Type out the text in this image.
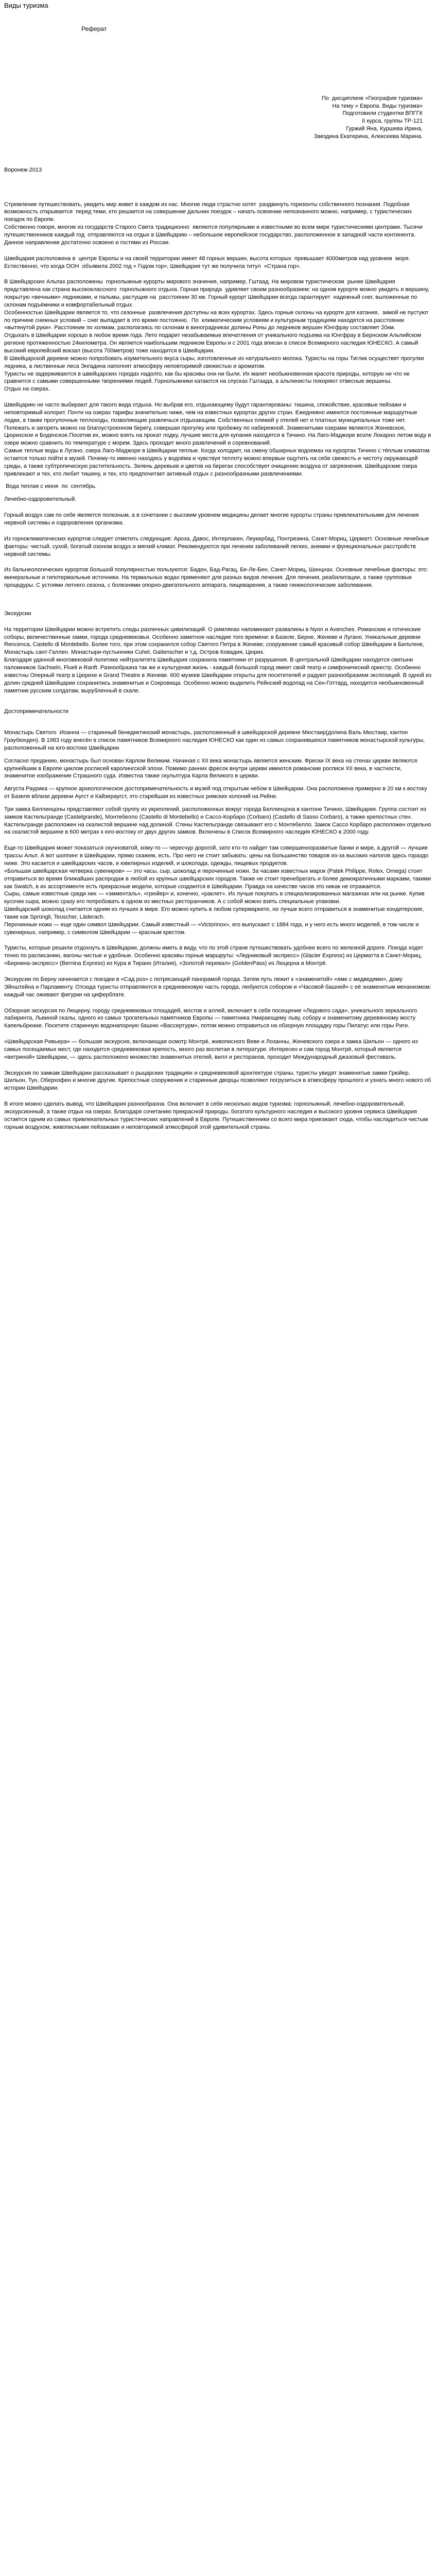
Виды туризма
Реферат
По  дисциплине «География туризма»
На тему « Европа. Виды туризма»
Подготовили студентки ВПГГК
II курса, группы ТР-121
Гуржий Яна, Куршева Ирина,
Звездина Екатерина, Алексеева Марина.
Воронеж-2013

Стремление путешествовать, увидеть мир живет в каждом из нас. Многие люди страстно хотят  раздвинуть горизонты собственного познания. Подобная возможность открывается  перед теми, кто решается на совершение дальних поездок – начать освоение непознанного можно, например, с туристических  поездок по Европе.

Собственно говоря, многие из государств Старого Света традиционно  являются популярными и известными во всем мире туристическими центрами. Тысячи путешественников каждый год  отправляются на отдых в Швейцарию – небольшое европейское государство, расположенное в западной части континента.

Данное направление достаточно освоено и гостями из России.

Швейцария расположена в  центре Европы и на своей территории имеет 48 горных вершин, высота которых  превышает 4000метров над уровнем  моря. Естественно, что когда ООН  объявила 2002 год « Годом гор», Швейцария тут же получила титул  «Страна гор».

В Швейцарских Альпах расположены  горнолыжные курорты мирового значения, например, Гштаад. На мировом туристическом  рынке Швейцария представлена как страна высококлассного  горнолыжного отдыха. Горная природа  удивляет своим разнообразием: на одном курорте можно увидеть и вершину, покрытую «вечными» ледниками, и пальмы, растущие на  расстоянии 30 км. Горный курорт Швейцарии всегда гарантирует  надежный снег, выложенные по склонам подъёмники и комфортабельный отдых.

Особенностью Швейцарии является то, что сезонные  развлечения доступны на всех курортах. Здесь горные склоны на курорте для катания,  зимой не пустуют по причине снежных условий – снег выпадает в это время постоянно.  По  климатическим условиям и культурным традициям находятся на расстоянии «вытянутой руки». Расстояние по холмам, располагаясь по склонам в виноградниках долины Роны до ледников вершин Юнгфрау составляет 20км.

Отдыхать в Швейцарии хорошо в любое время года. Лето подарит незабываемые впечатления от уникального подъема на Юнгфрау в Бернском Альпийском регионе протяженностью 24километра. Он является наибольшим ледником Европы и с 2001 года вписан в список Всемирного наследия ЮНЕСКО. А самый высокий европейский вокзал (высота 700метров) тоже находится в Швейцарии.

В Швейцарской деревне можно попробовать изумительного вкуса сыры, изготовленные из натурального молока. Туристы на горы Тиглик осуществят прогулки ледника, а лиственные леса Энгадина наполнят атмосферу неповторимой свежестью и ароматом.

Туристы не задерживаются в швейцарских городах надолго, как бы красивы они ни были. Их манит необыкновенная красота природы, которую ни что не сравнится с самыми совершенными творениями людей. Горнолыжники катаются на спусках Гштаада, а альпинисты покоряют отвесные вершины.

Отдых на озерах.

Швейцарию не часто выбирают для такого вида отдыха. Но выбрав его, отдыхающему будут гарантированы: тишина, спокойствие, красивые пейзажи и неповторимый колорит. Почти на озерах тарифы значительно ниже, чем на известных курортах других стран. Ежедневно имеются постоянные маршрутные лодки, а также прогулочные теплоходы, позволяющие развлечься отдыхающим. Собственных пляжей у отелей нет и платных муниципальных тоже нет. Полежать и загореть можно на благоустроенном берегу, совершая прогулку или пробежку по набережной. Знаменитыми озерами являются Женевское, Цюрихское и Боденское.Посетив их, можно взять на прокат лодку, лучшие места для купания находятся в Тичино. На Лаго-Маджоре возле Локарно летом воду в озере можно сравнить по температуре с морем. Здесь проходит много развлечений и соревнований.

Самые теплые воды в Лугано, озера Лаго-Маджоре в Швейцарии теплые. Когда холодает, на смену обширных водоемах на курортах Тичино с тёплым климатом остается только пойти в музей. Почему-то именно находясь у водоёма и чувствуя теплоту можно впервые ощутить на себе свежесть и чистоту окружающей среды, а также субтропическую растительность. Зелень деревьев и цветов на берегах способствует очищению воздуха от загрязнения. Швейцарские озера привлекают и тех, кто любит тишину, и тех, кто предпочитает активный отдых с разнообразными развлечениями.

Вода теплая с июня  по  сентябрь.

Лечебно-оздоровительный.

Горный воздух сам по себе является полезным, а в сочетании с высоким уровнем медицины делает многие курорты страны привлекательными для лечения нервной системы и оздоровления организма.

Из горноклиматических курортов следует отметить следующие: Ароза, Давос, Интерлакен, Леукербад, Понтрезина, Санкт-Мориц, Церматт. Основные лечебные факторы: чистый, сухой, богатый озоном воздух и мягкий климат. Рекомендуются при лечении заболеваний легких, анемии и функциональных расстройств нервной системы.

Из бальнеологических курортов большой популярностью пользуются: Баден, Бад-Рагац, Бе-Ле-Бен, Санкт-Мориц, Шинцнах. Основные лечебные факторы: это: минеральные и гипотермальные источники. На термальных водах применяют для разных видов лечения. Для лечения, реабилитации, а также групповые процедуры. С устоями летнего сезона, с болезнями опорно-двигательного аппарата, пищеварения, а также гинекологические заболевания.

Экскурсии

На территории Швейцарии можно встретить следы различных цивилизаций. О римлянах напоминают развалины в Nyon и Avenches. Романские и готические соборы, величественные замки, города средневековья. Особенно заметное наследие того времени: в Базеле, Берне, Женеве и Лугано. Уникальные деревни Rencenca, Castello di Montebello. Более того, при этом сохранился собор Святого Петра в Женеве; сооружение самый красивый собор Швейцарии в Бильтене, Монастырь сант-Галлен. Монастыри-пустынники Cuhel, Gaitenscher и т.д. Остров Ковадия, Цюрих.

Благодаря удачной многовековой политике нейтралитета Швейцария сохранила памятники от разрушения. В центральной Швейцарии находятся святыни паломников Sachseln, Flueli и Ranft. Разнообразна так же и культурная жизнь - каждый большой город имеет свой театр и симфонический оркестр. Особенно известны Оперный театр в Цюрихе и Grand Theatre в Женеве. 600 музеев Швейцарии открыты для посетителей и радуют разнообразием экспозиций. В одной из долин средней Швейцарии сохранились знаменитые и Сокровища. Особенно можно выделить Рейнский водопад на Сен-Готтард, находится необыкновенный памятник русским солдатам, вырубленный в скале.

Достопримечательности

Монастырь Святого  Иоанна — старинный бенедиктинский монастырь, расположенный в швейцарской деревне Мюстаир(долина Валь Мюстаир, кантон Граубюнден). В 1983 году внесён в список памятников Всемирного наследия ЮНЕСКО как один из самых сохранившихся памятников монастырской культуры, расположенный на юго-востоке Швейцарии.

Согласно преданию, монастырь был основан Карлом Великим. Начиная с XII века монастырь является женским. Фрески IX века на стенах церкви являются крупнейшим в Европе циклом росписей каролингской эпохи. Помимо ранних фресок внутри церкви имеются романские росписи XII века, в частности, знаменитое изображение Страшного суда. Известна также скульптура Карла Великого в церкви.

Августа Раурика — крупное археологическое достопримечательность и музей под открытым небом в Швейцарии. Она расположена примерно в 20 км к востоку от Базеля вблизи деревни Аугст и Кайзераугст, это старейшая из известных римских колоний на Рейне.

Три замка Беллинцоны представляют собой группу из укреплений, расположенных вокруг города Беллинцона в кантоне Тичино, Швейцария. Группа состоит из замков Кастельгранде (Castelgrande), Монтебелло (Castello di Montebello) и Сассо-Корбаро (Corbaro) (Castello di Sasso Corbaro), а также крепостных стен. Кастельгранде расположен на скалистой вершине над долиной. Стены Кастельгранде связывают его с Монтебелло. Замок Сассо Корбаро расположен отдельно на скалистой вершине в 600 метрах к юго-востоку от двух других замков. Включены в Список Всемирного наследия ЮНЕСКО в 2000 году.

Еще-то Швейцария может показаться скучноватой, кому-то — чересчур дорогой, зато кто-то найдет там совершенноразвитые банки и мире, а другой — лучшие трассы Альп. А вот шоппинг в Швейцарии, прямо скажем, есть. Про него не стоит забывать: цены на большинство товаров из-за высоких налогов здесь гораздо ниже. Это касается и швейцарских часов, и ювелирных изделий, и шоколада, одежды, пищевых продуктов.

«Большая швейцарская четверка сувениров» — это часы, сыр, шоколад и перочинные ножи. За часами известных марок (Patek Philippe, Rolex, Omega) стоит отправиться во время ближайших распродаж в любой из крупных швейцарских городов. Также не стоит пренебрегать и более демократичными марками, такими как Swatch, в их ассортименте есть прекрасные модели, которые создаются в Швейцарии. Правда на качестве часов это никак не отражается.

Сыры, самые известные среди них — «эмменталь», «грюйер» и, конечно, «раклет». Их лучше покупать в специализированных магазинах или на рынке. Купив кусочек сыра, можно сразу его попробовать в одном из местных ресторанчиков. А с собой можно взять специальные упаковки.

Швейцарский шоколад считается одним из лучших в мире. Его можно купить в любом супермаркете, но лучше всего отправиться в знаменитые кондитерские, такие как Sprüngli, Teuscher, Läderach.

Перочинные ножи — еще один символ Швейцарии. Самый известный — «Victorinox», его выпускают с 1884 года, и у него есть много моделей, в том числе и сувенирных, например, с символом Швейцарии — красным крестом.

Туристы, которые решили отдохнуть в Швейцарии, должны иметь в виду, что по этой стране путешествовать удобнее всего по железной дороге. Поезда ходят точно по расписанию, вагоны чистые и удобные. Особенно красивы горные маршруты: «Ледниковый экспресс» (Glacier Express) из Церматта в Санкт-Мориц, «Бернина-экспресс» (Bernina Express) из Кура в Тирано (Италия), «Золотой перевал» (GoldenPass) из Люцерна в Монтрё.

Экскурсии по Берну начинается с поездки в «Сад роз» с потрясающей панорамой города. Затем путь лежит к «знаменитой» «яме с медведями», дому Эйнштейна и Парламенту. Отсюда туристы отправляются в средневековую часть города, любуются собором и «Часовой башней» с её знаменитым механизмом: каждый час оживают фигурки на циферблате.

Обзорная экскурсия по Люцерну, городу средневековых площадей, мостов и аллей, включает в себя посещение «Ледового сада», уникального зеркального лабиринта, Львиной скалы, одного из самых трогательных памятников Европы — памятника Умирающему льву, собору и знаменитому деревянному мосту Капельбрюкке. Посетите старинную водонапорную башню «Вассертурм», потом можно отправиться на обзорную площадку горы Пилатус или горы Риги.

«Швейцарская Ривьера» — большая экскурсия, включающая осмотр Монтрё, живописного Веве и Лозанны, Женевского озера и замка Шильон — одного из самых посещаемых мест, где находится средневековая крепость, много раз воспетая в литературе. Интересен и сам город Монтрё, который является «витриной» Швейцарии, — здесь расположено множество знаменитых отелей, вилл и ресторанов, проходит Международный джазовый фестиваль.

Экскурсия по замкам Швейцарии рассказывает о рыцарских традициях и средневековой архитектуре страны, туристы увидят знаменитые замки Грюйер, Шильон, Тун, Оберхофен и многие другие. Крепостные сооружения и старинные дворцы позволяют погрузиться в атмосферу прошлого и узнать много нового об истории Швейцарии.

В итоге можно сделать вывод, что Швейцария разнообразна. Она включает в себя несколько видов туризма: горнолыжный, лечебно-оздоровительный, экскурсионный, а также отдых на озерах. Благодаря сочетанию прекрасной природы, богатого культурного наследия и высокого уровня сервиса Швейцария остается одним из самых привлекательных туристических направлений в Европе. Путешественники со всего мира приезжают сюда, чтобы насладиться чистым горным воздухом, живописными пейзажами и неповторимой атмосферой этой удивительной страны.
